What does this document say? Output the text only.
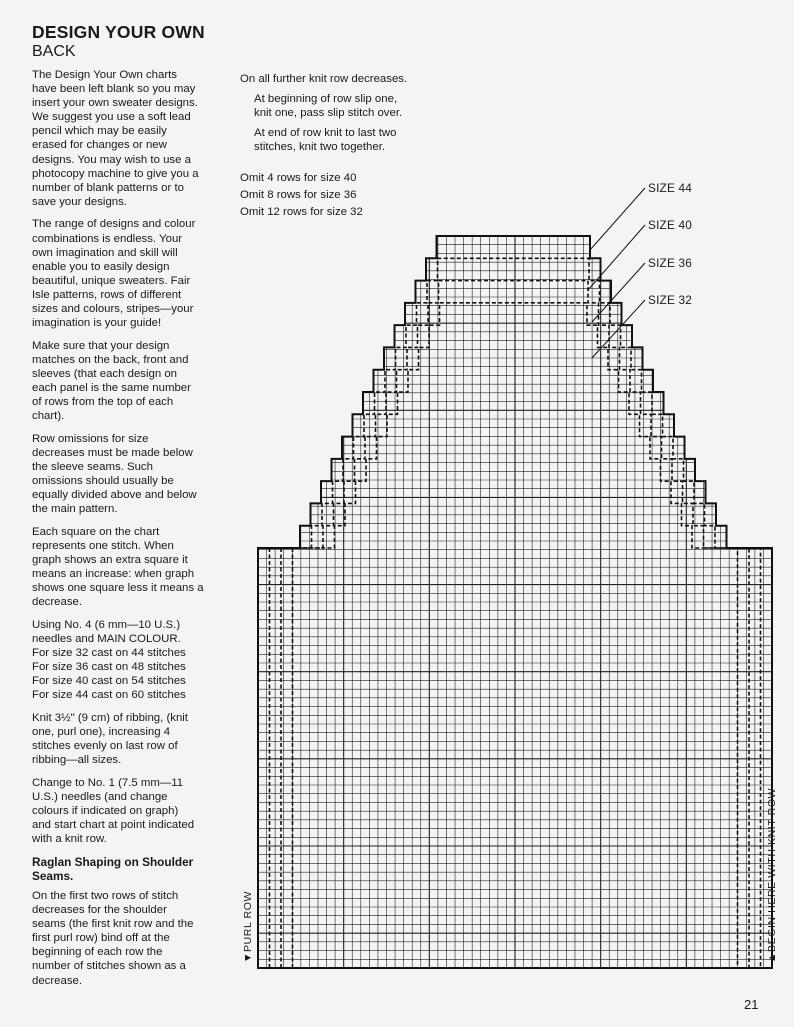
DESIGN YOUR OWN
BACK

The Design Your Own charts
have been left blank so you may
insert your own sweater designs.
We suggest you use a soft lead
pencil which may be easily
erased for changes or new
designs. You may wish to use a
photocopy machine to give you a
number of blank patterns or to
save your designs.

The range of designs and colour
combinations is endless. Your
own imagination and skill will
enable you to easily design
beautiful, unique sweaters. Fair
Isle patterns, rows of different
sizes and colours, stripes—your
imagination is your guide!

Make sure that your design
matches on the back, front and
sleeves (that each design on
each panel is the same number
of rows from the top of each
chart).

Row omissions for size
decreases must be made below
the sleeve seams. Such
omissions should usually be
equally divided above and below
the main pattern.

Each square on the chart
represents one stitch. When
graph shows an extra square it
means an increase: when graph
shows one square less it means a
decrease.

Using No. 4 (6 mm—10 U.S.)
needles and MAIN COLOUR.
For size 32 cast on 44 stitches
For size 36 cast on 48 stitches
For size 40 cast on 54 stitches
For size 44 cast on 60 stitches

Knit 3½" (9 cm) of ribbing, (knit
one, purl one), increasing 4
stitches evenly on last row of
ribbing—all sizes.

Change to No. 1 (7.5 mm—11
U.S.) needles (and change
colours if indicated on graph)
and start chart at point indicated
with a knit row.

Raglan Shaping on Shoulder
Seams.

On the first two rows of stitch
decreases for the shoulder
seams (the first knit row and the
first purl row) bind off at the
beginning of each row the
number of stitches shown as a
decrease.

On all further knit row decreases.

At beginning of row slip one,
knit one, pass slip stitch over.

At end of row knit to last two
stitches, knit two together.

Omit 4 rows for size 40
Omit 8 rows for size 36
Omit 12 rows for size 32
SIZE 44
SIZE 40
SIZE 36
SIZE 32
▼PURL ROW	▲BEGIN HERE WITH KNIT ROW
21
